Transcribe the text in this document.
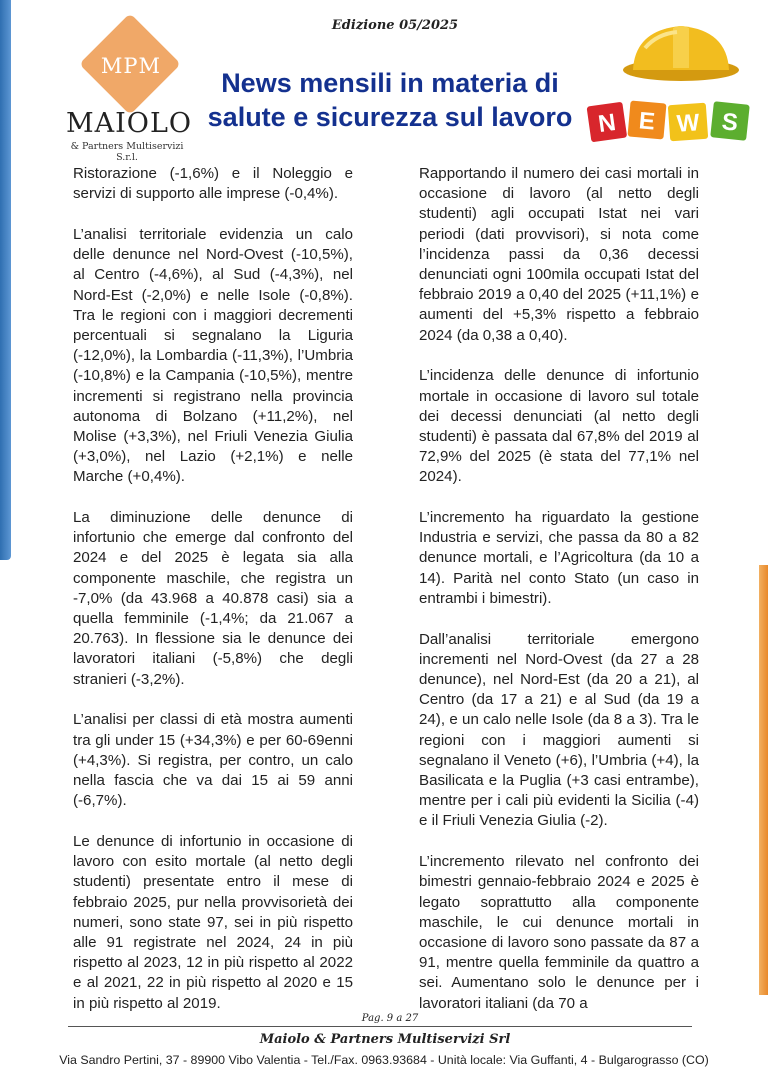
Edizione 05/2025
MPM
MAIOLO
& Partners Multiservizi S.r.l.
News mensili in materia di
salute e sicurezza sul lavoro	N E W S

Ristorazione (-1,6%) e il Noleggio e servizi di supporto alle imprese (-0,4%).

L’analisi territoriale evidenzia un calo delle denunce nel Nord-Ovest (-10,5%), al Centro (-4,6%), al Sud (-4,3%), nel Nord-Est (-2,0%) e nelle Isole (-0,8%). Tra le regioni con i maggiori decrementi percentuali si segnalano la Liguria (-12,0%), la Lombardia (-11,3%), l’Umbria (-10,8%) e la Campania (-10,5%), mentre incrementi si registrano nella provincia autonoma di Bolzano (+11,2%), nel Molise (+3,3%), nel Friuli Venezia Giulia (+3,0%), nel Lazio (+2,1%) e nelle Marche (+0,4%).

La diminuzione delle denunce di infortunio che emerge dal confronto del 2024 e del 2025 è legata sia alla componente maschile, che registra un -7,0% (da 43.968 a 40.878 casi) sia a quella femminile (-1,4%; da 21.067 a 20.763). In flessione sia le denunce dei lavoratori italiani (-5,8%) che degli stranieri (-3,2%).

L’analisi per classi di età mostra aumenti tra gli under 15 (+34,3%) e per 60-69enni (+4,3%). Si registra, per contro, un calo nella fascia che va dai 15 ai 59 anni (-6,7%).

Le denunce di infortunio in occasione di lavoro con esito mortale (al netto degli studenti) presentate entro il mese di febbraio 2025, pur nella provvisorietà dei numeri, sono state 97, sei in più rispetto alle 91 registrate nel 2024, 24 in più rispetto al 2023, 12 in più rispetto al 2022 e al 2021, 22 in più rispetto al 2020 e 15 in più rispetto al 2019.

Rapportando il numero dei casi mortali in occasione di lavoro (al netto degli studenti) agli occupati Istat nei vari periodi (dati provvisori), si nota come l’incidenza passi da 0,36 decessi denunciati ogni 100mila occupati Istat del febbraio 2019 a 0,40 del 2025 (+11,1%) e aumenti del +5,3% rispetto a febbraio 2024 (da 0,38 a 0,40).

L’incidenza delle denunce di infortunio mortale in occasione di lavoro sul totale dei decessi denunciati (al netto degli studenti) è passata dal 67,8% del 2019 al 72,9% del 2025 (è stata del 77,1% nel 2024).

L’incremento ha riguardato la gestione Industria e servizi, che passa da 80 a 82 denunce mortali, e l’Agricoltura (da 10 a 14). Parità nel conto Stato (un caso in entrambi i bimestri).

Dall’analisi territoriale emergono incrementi nel Nord-Ovest (da 27 a 28 denunce), nel Nord-Est (da 20 a 21), al Centro (da 17 a 21) e al Sud (da 19 a 24), e un calo nelle Isole (da 8 a 3). Tra le regioni con i maggiori aumenti si segnalano il Veneto (+6), l’Umbria (+4), la Basilicata e la Puglia (+3 casi entrambe), mentre per i cali più evidenti la Sicilia (-4) e il Friuli Venezia Giulia (-2).

L’incremento rilevato nel confronto dei bimestri gennaio-febbraio 2024 e 2025 è legato soprattutto alla componente maschile, le cui denunce mortali in occasione di lavoro sono passate da 87 a 91, mentre quella femminile da quattro a sei. Aumentano solo le denunce per i lavoratori italiani (da 70 a

Pag. 9 a 27
Maiolo & Partners Multiservizi Srl
Via Sandro Pertini, 37 - 89900 Vibo Valentia - Tel./Fax. 0963.93684 - Unità locale: Via Guffanti, 4 - Bulgarograsso (CO)
